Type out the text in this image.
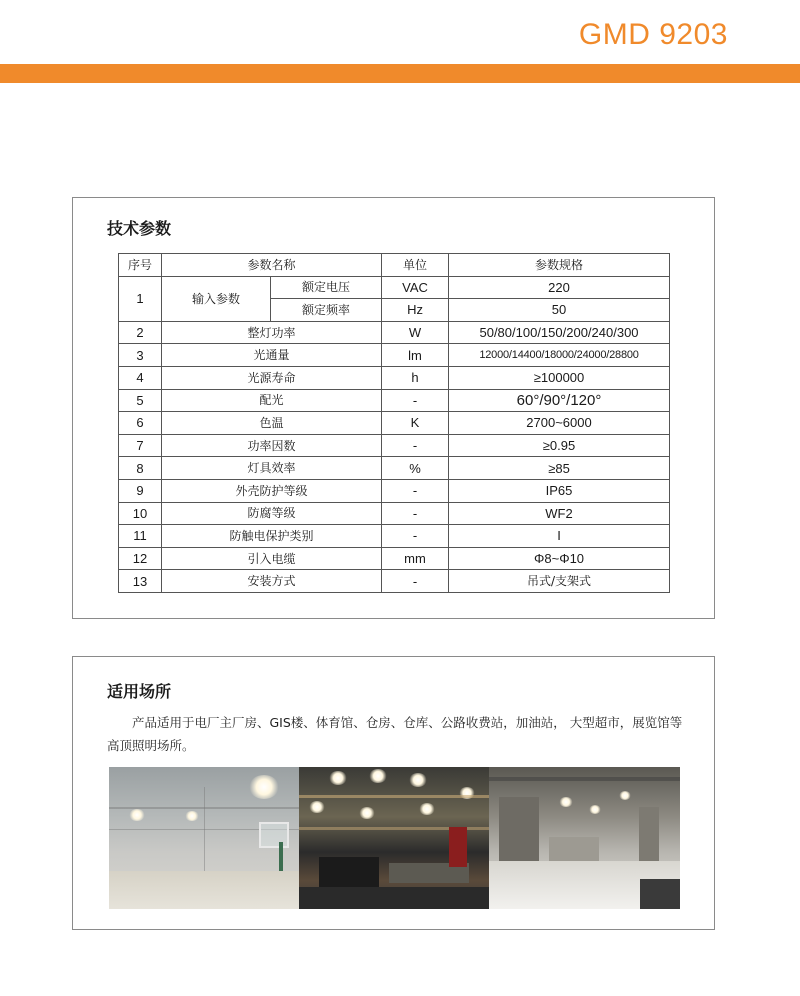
GMD 9203
技术参数
序号	参数名称		单位	参数规格
1	输入参数	额定电压	VAC	220
		额定频率	Hz	50
2	整灯功率		W	50/80/100/150/200/240/300
3	光通量		lm	12000/14400/18000/24000/28800
4	光源寿命		h	≥100000
5	配光		-	60°/90°/120°
6	色温		K	2700~6000
7	功率因数		-	≥0.95
8	灯具效率		%	≥85
9	外壳防护等级		-	IP65
10	防腐等级		-	WF2
11	防触电保护类别		-	I
12	引入电缆		mm	Φ8~Φ10
13	安装方式		-	吊式/支架式
适用场所
产品适用于电厂主厂房、GIS楼、体育馆、仓房、仓库、公路收费站，加油站， 大型超市，展览馆等高顶照明场所。
